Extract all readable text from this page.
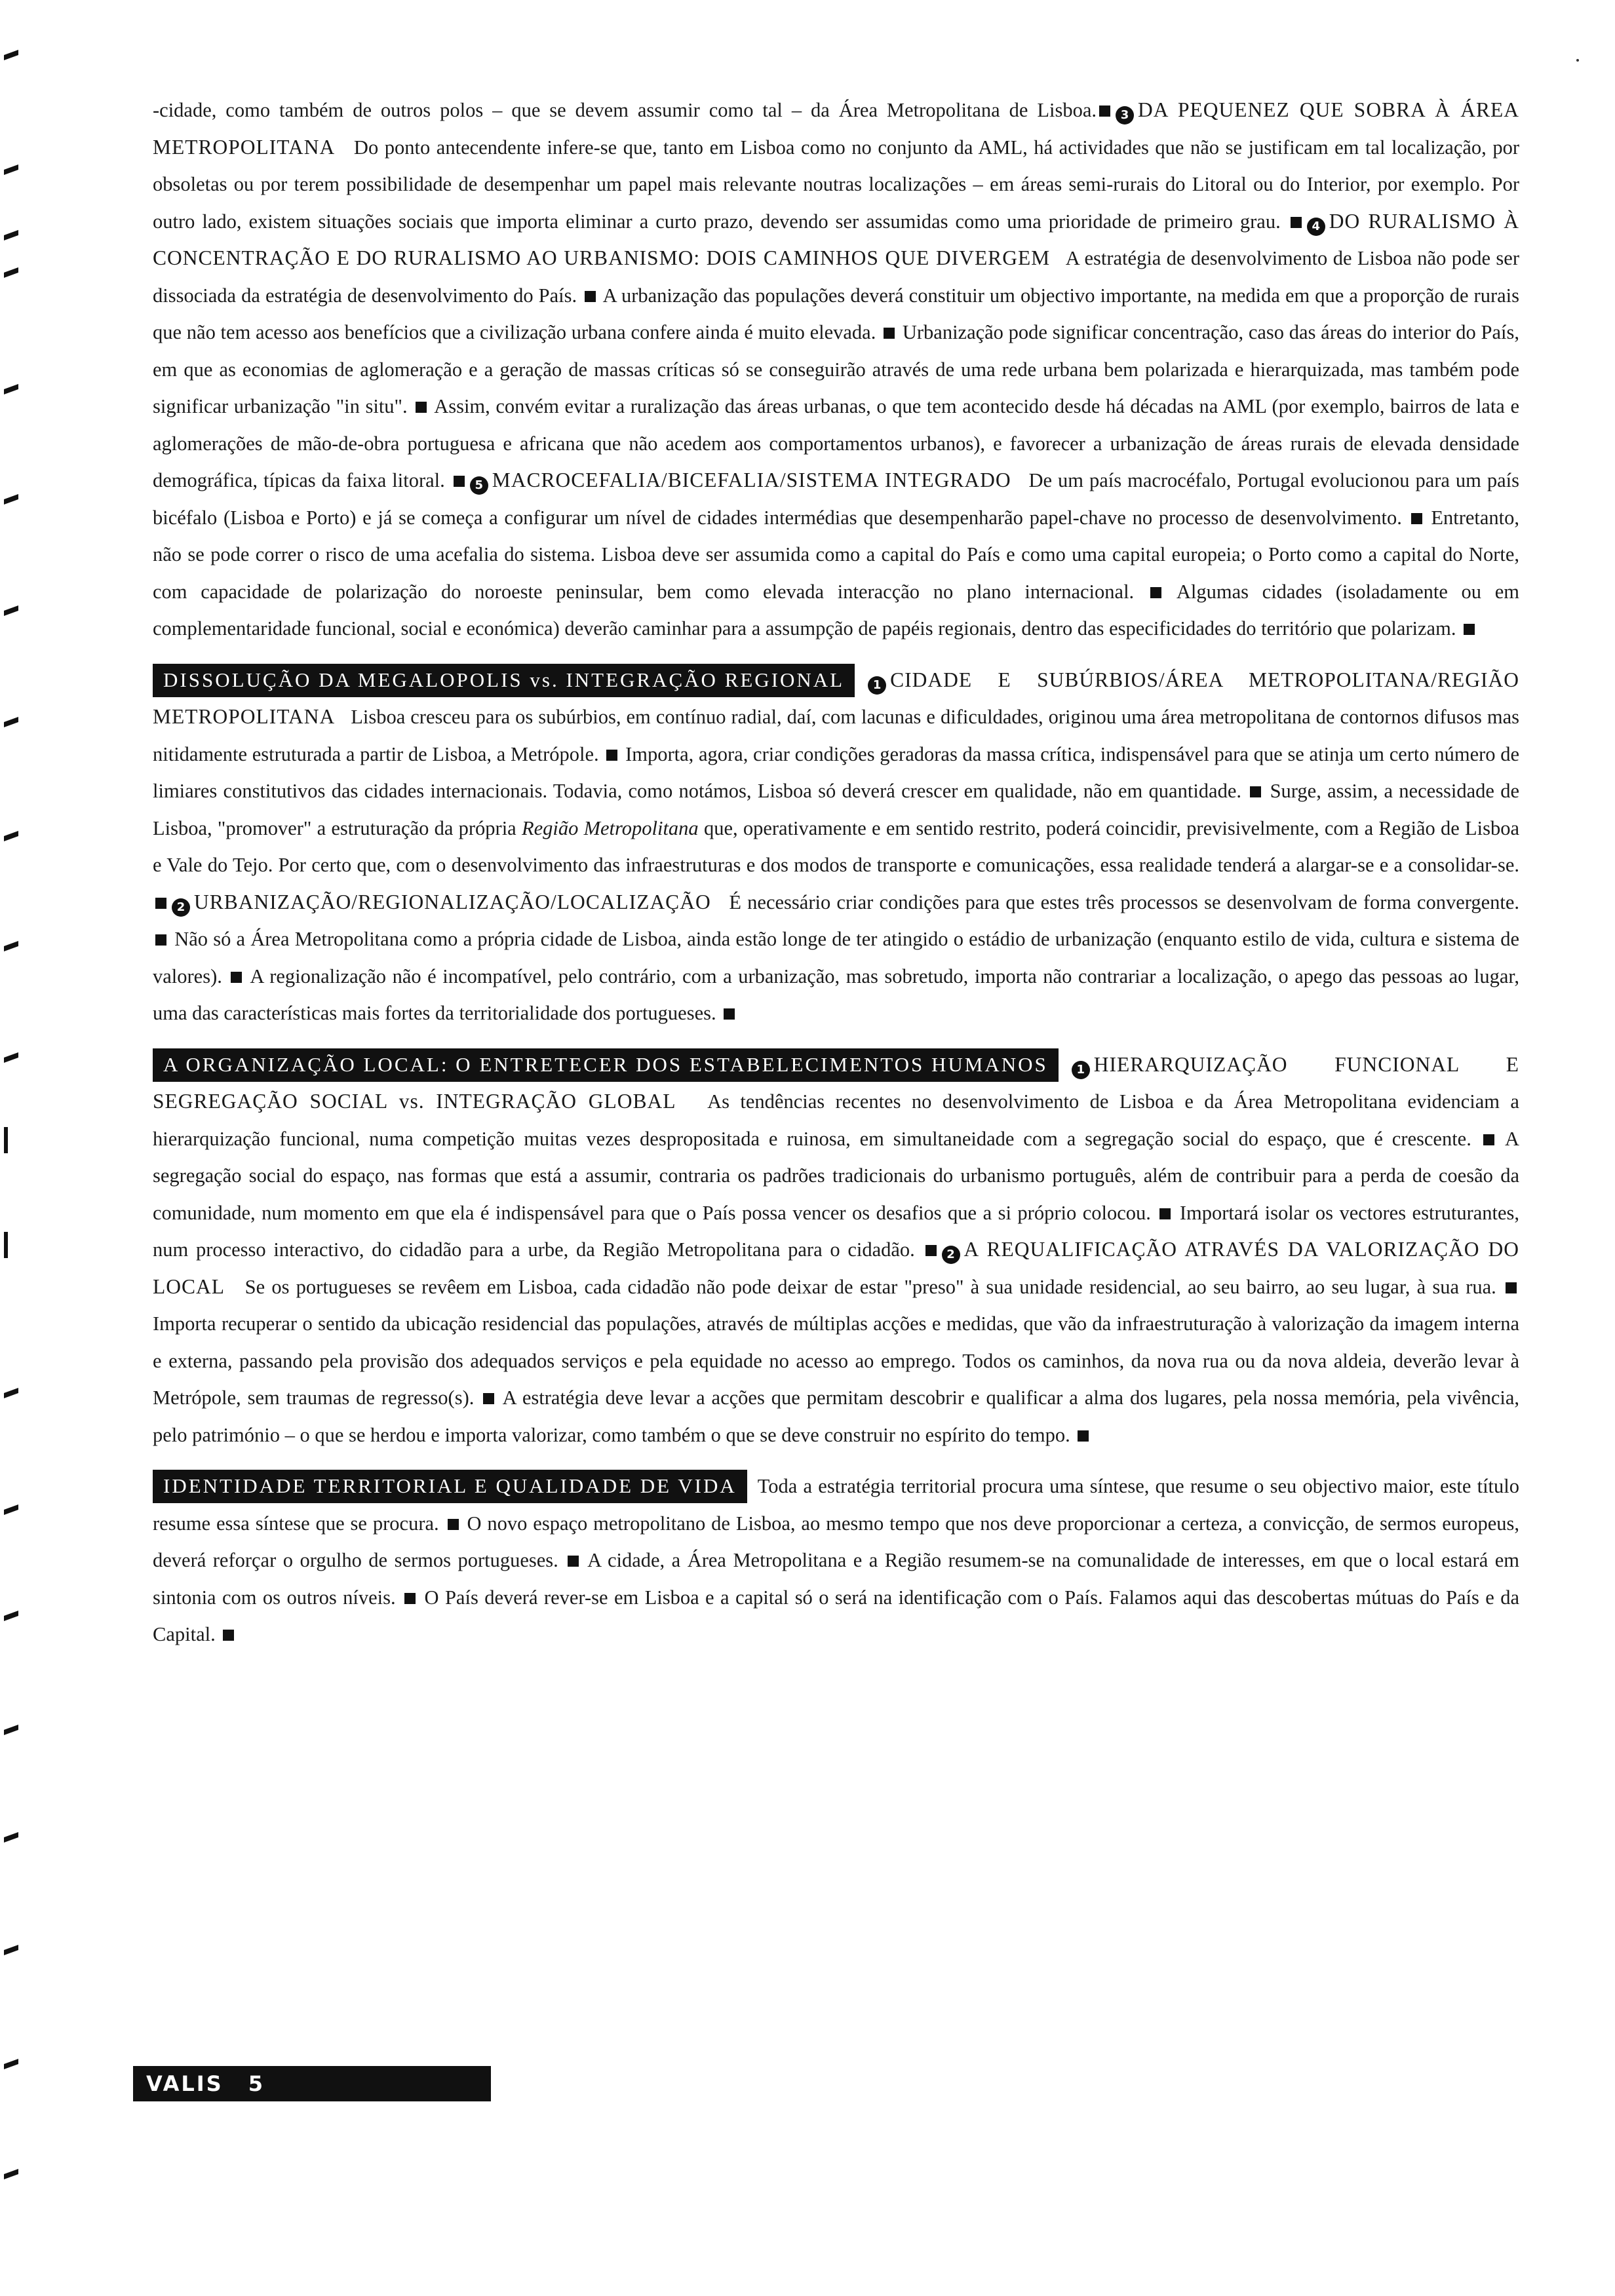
-cidade, como também de outros polos – que se devem assumir como tal – da Área Metropolitana de Lisboa. 3 DA PEQUENEZ QUE SOBRA À ÁREA METROPOLITANA Do ponto antecendente infere-se que, tanto em Lisboa como no conjunto da AML, há actividades que não se justificam em tal localização, por obsoletas ou por terem possibilidade de desempenhar um papel mais relevante noutras localizações – em áreas semi-rurais do Litoral ou do Interior, por exemplo. Por outro lado, existem situações sociais que importa eliminar a curto prazo, devendo ser assumidas como uma prioridade de primeiro grau.	4 DO RURALISMO À CONCENTRAÇÃO E DO RURALISMO AO URBANISMO: DOIS CAMINHOS QUE DIVERGEM A estratégia de desenvolvimento de Lisboa não pode ser dissociada da estratégia de desenvolvimento do País. A urbanização das populações deverá constituir um objectivo importante, na medida em que a proporção de rurais que não tem acesso aos benefícios que a civilização urbana confere ainda é muito elevada. Urbanização pode significar concentração, caso das áreas do interior do País, em que as economias de aglomeração e a geração de massas críticas só se conseguirão através de uma rede urbana bem polarizada e hierarquizada, mas também pode significar urbanização "in situ". Assim, convém evitar a ruralização das áreas urbanas, o que tem acontecido desde há décadas na AML (por exemplo, bairros de lata e aglomerações de mão-de-obra portuguesa e africana que não acedem aos comportamentos urbanos), e favorecer a urbanização de áreas rurais de elevada densidade demográfica, típicas da faixa litoral.	5 MACROCEFALIA/BICEFALIA/SISTEMA INTEGRADO De um país macrocéfalo, Portugal evolucionou para um país bicéfalo (Lisboa e Porto) e já se começa a configurar um nível de cidades intermédias que desempenharão papel-chave no processo de desenvolvimento. Entretanto, não se pode correr o risco de uma acefalia do sistema. Lisboa deve ser assumida como a capital do País e como uma capital europeia; o Porto como a capital do Norte, com capacidade de polarização do noroeste peninsular, bem como elevada interacção no plano internacional. Algumas cidades (isoladamente ou em complementaridade funcional, social e económica) deverão caminhar para a assumpção de papéis regionais, dentro das especificidades do território que polarizam.

DISSOLUÇÃO DA MEGALOPOLIS vs. INTEGRAÇÃO REGIONAL 1 CIDADE E SUBÚRBIOS/ÁREA METROPOLITANA/REGIÃO METROPOLITANA Lisboa cresceu para os subúrbios, em contínuo radial, daí, com lacunas e dificuldades, originou uma área metropolitana de contornos difusos mas nitidamente estruturada a partir de Lisboa, a Metrópole. Importa, agora, criar condições geradoras da massa crítica, indispensável para que se atinja um certo número de limiares constitutivos das cidades internacionais. Todavia, como notámos, Lisboa só deverá crescer em qualidade, não em quantidade. Surge, assim, a necessidade de Lisboa, "promover" a estruturação da própria Região Metropolitana que, operativamente e em sentido restrito, poderá coincidir, previsivelmente, com a Região de Lisboa e Vale do Tejo. Por certo que, com o desenvolvimento das infraestruturas e dos modos de transporte e comunicações, essa realidade tenderá a alargar-se e a consolidar-se. 2 URBANIZAÇÃO/REGIONALIZAÇÃO/LOCALIZAÇÃO É necessário criar condições para que estes três processos se desenvolvam de forma convergente.  Não só a Área Metropolitana como a própria cidade de Lisboa, ainda estão longe de ter atingido o estádio de urbanização (enquanto estilo de vida, cultura e sistema de valores). A regionalização não é incompatível, pelo contrário, com a urbanização, mas sobretudo, importa não contrariar a localização, o apego das pessoas ao lugar, uma das características mais fortes da territorialidade dos portugueses.

A ORGANIZAÇÃO LOCAL: O ENTRETECER DOS ESTABELECIMENTOS HUMANOS 1 HIERARQUIZAÇÃO FUNCIONAL E SEGREGAÇÃO SOCIAL vs. INTEGRAÇÃO GLOBAL As tendências recentes no desenvolvimento de Lisboa e da Área Metropolitana evidenciam a hierarquização funcional, numa competição muitas vezes despropositada e ruinosa, em simultaneidade com a segregação social do espaço, que é crescente. A segregação social do espaço, nas formas que está a assumir, contraria os padrões tradicionais do urbanismo português, além de contribuir para a perda de coesão da comunidade, num momento em que ela é indispensável para que o País possa vencer os desafios que a si próprio colocou. Importará isolar os vectores estruturantes, num processo interactivo, do cidadão para a urbe, da Região Metropolitana para o cidadão.	2 A REQUALIFICAÇÃO ATRAVÉS DA VALORIZAÇÃO DO LOCAL Se os portugueses se revêem em Lisboa, cada cidadão não pode deixar de estar "preso" à sua unidade residencial, ao seu bairro, ao seu lugar, à sua rua.  Importa recuperar o sentido da ubicação residencial das populações, através de múltiplas acções e medidas, que vão da infraestruturação à valorização da imagem interna e externa, passando pela provisão dos adequados serviços e pela equidade no acesso ao emprego. Todos os caminhos, da nova rua ou da nova aldeia, deverão levar à Metrópole, sem traumas de regresso(s). A estratégia deve levar a acções que permitam descobrir e qualificar a alma dos lugares, pela nossa memória, pela vivência, pelo património – o que se herdou e importa valorizar, como também o que se deve construir no espírito do tempo.

IDENTIDADE TERRITORIAL E QUALIDADE DE VIDA Toda a estratégia territorial procura uma síntese, que resume o seu objectivo maior, este título resume essa síntese que se procura. O novo espaço metropolitano de Lisboa, ao mesmo tempo que nos deve proporcionar a certeza, a convicção, de sermos europeus, deverá reforçar o orgulho de sermos portugueses. A cidade, a Área Metropolitana e a Região resumem-se na comunalidade de interesses, em que o local estará em sintonia com os outros níveis. O País deverá rever-se em Lisboa e a capital só o será na identificação com o País. Falamos aqui das descobertas mútuas do País e da Capital.

VALIS 5
